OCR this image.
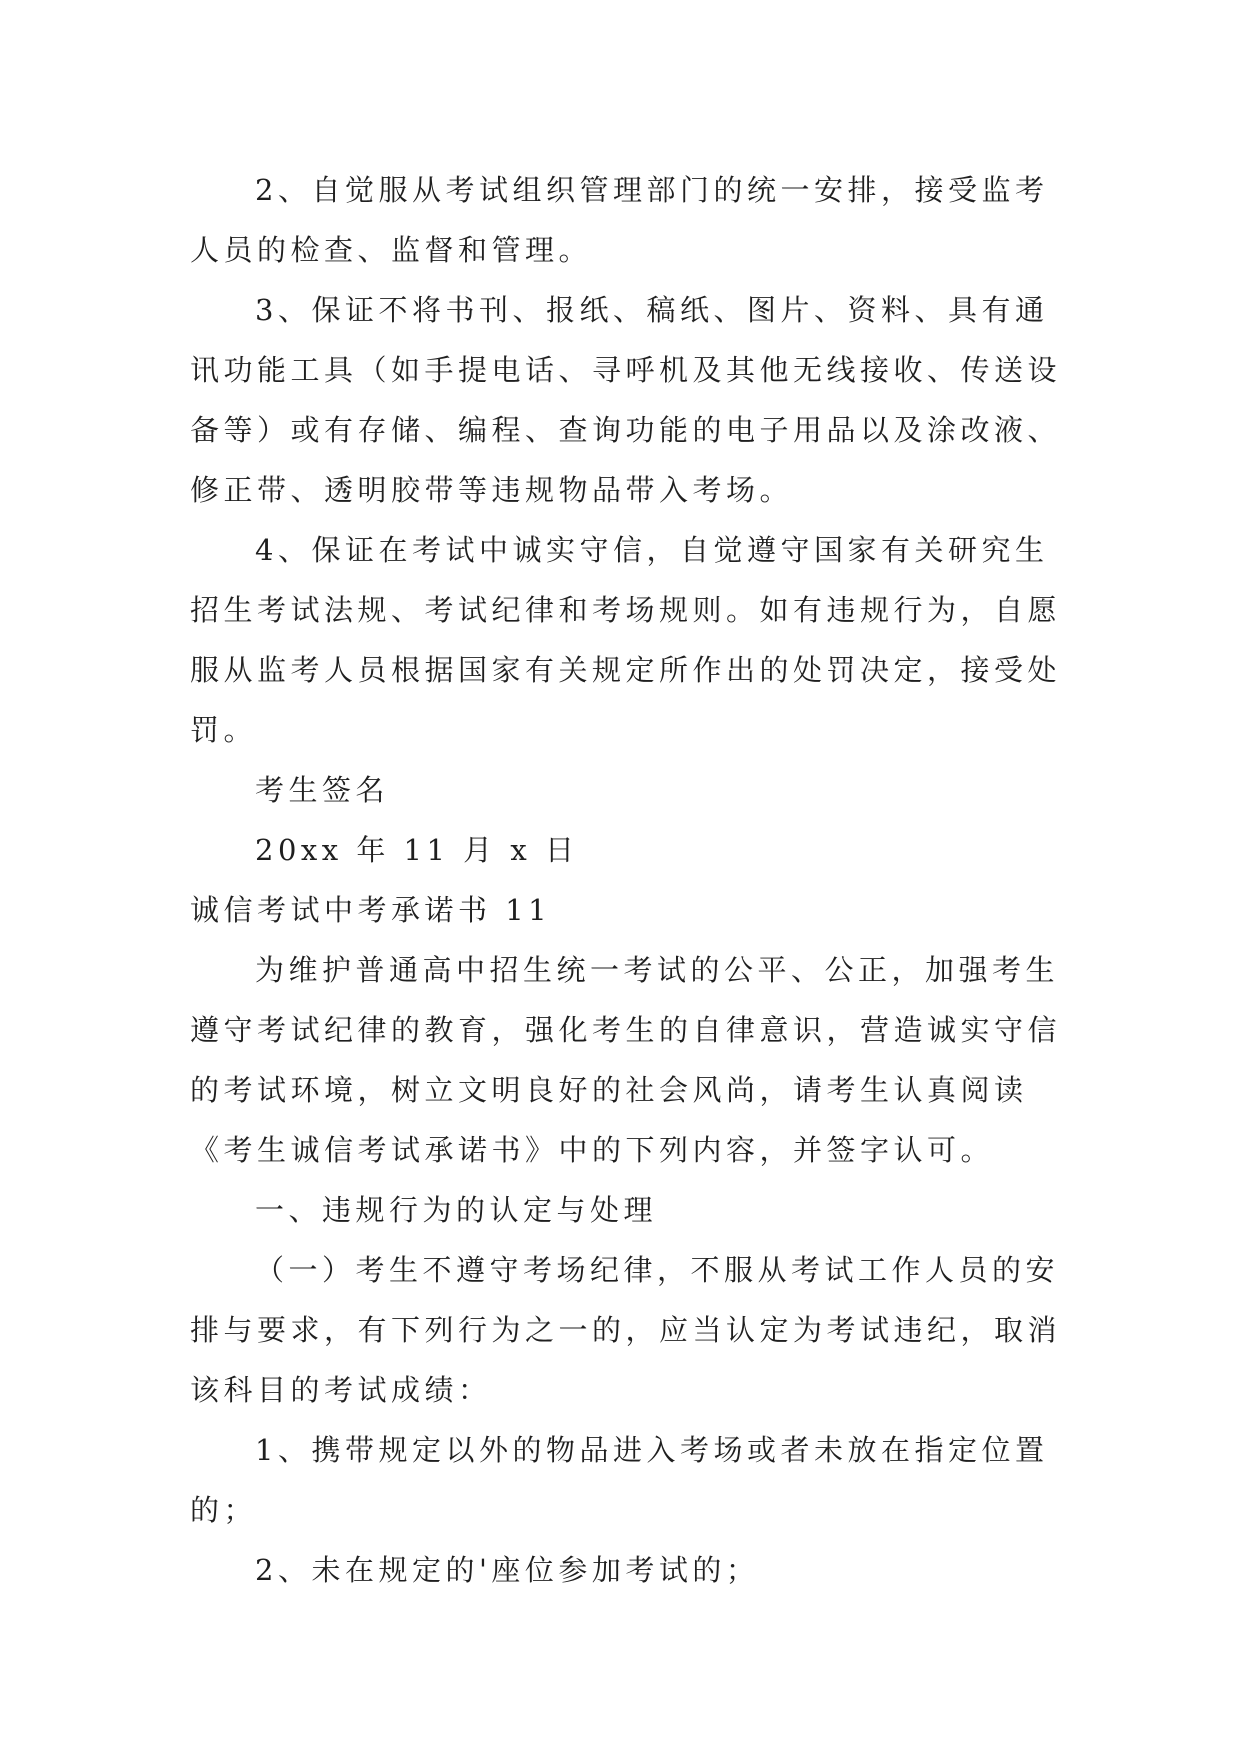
2、自觉服从考试组织管理部门的统一安排，接受监考
人员的检查、监督和管理。
3、保证不将书刊、报纸、稿纸、图片、资料、具有通
讯功能工具（如手提电话、寻呼机及其他无线接收、传送设
备等）或有存储、编程、查询功能的电子用品以及涂改液、
修正带、透明胶带等违规物品带入考场。
4、保证在考试中诚实守信，自觉遵守国家有关研究生
招生考试法规、考试纪律和考场规则。如有违规行为，自愿
服从监考人员根据国家有关规定所作出的处罚决定，接受处
罚。
考生签名
20xx 年 11 月 x 日
诚信考试中考承诺书 11
为维护普通高中招生统一考试的公平、公正，加强考生
遵守考试纪律的教育，强化考生的自律意识，营造诚实守信
的考试环境，树立文明良好的社会风尚，请考生认真阅读
《考生诚信考试承诺书》中的下列内容，并签字认可。
一、违规行为的认定与处理
（一）考生不遵守考场纪律，不服从考试工作人员的安
排与要求，有下列行为之一的，应当认定为考试违纪，取消
该科目的考试成绩：
1、携带规定以外的物品进入考场或者未放在指定位置
的；
2、未在规定的'座位参加考试的；
